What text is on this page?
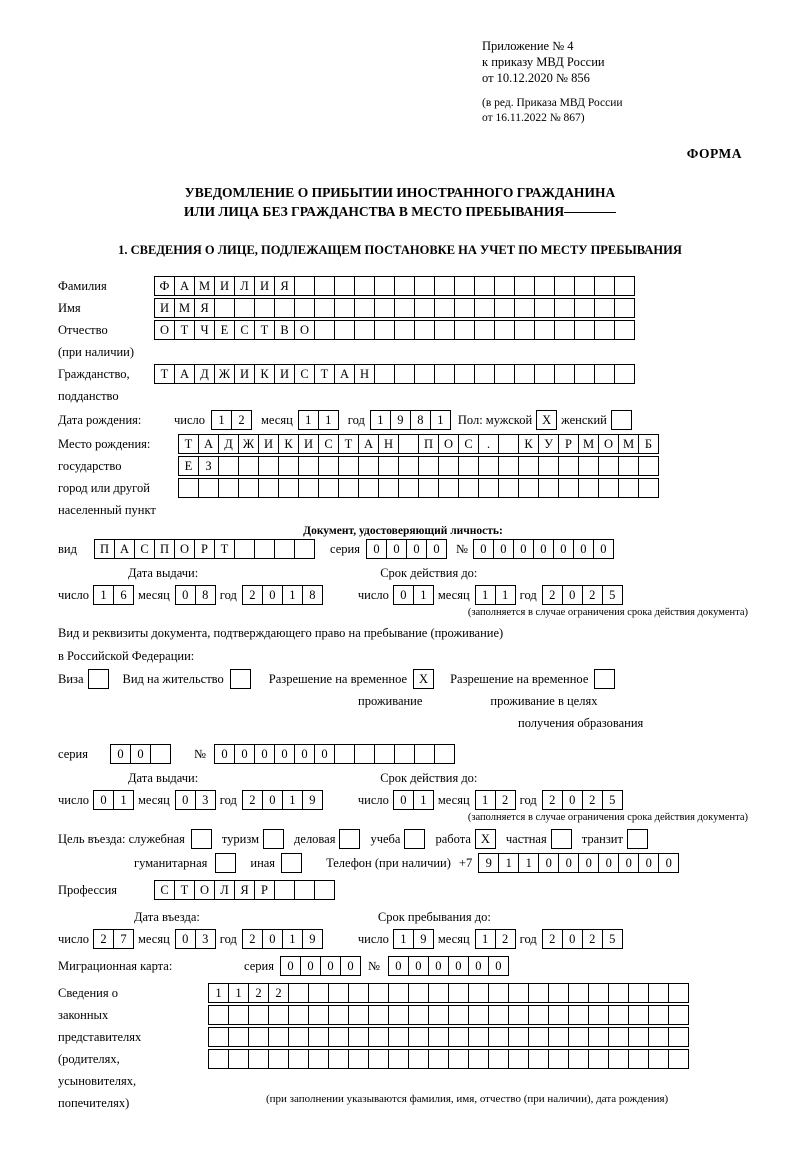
Приложение № 4
к приказу МВД России
от 10.12.2020 № 856
(в ред. Приказа МВД России
от 16.11.2022 № 867)
ФОРМА
УВЕДОМЛЕНИЕ О ПРИБЫТИИ ИНОСТРАННОГО ГРАЖДАНИНА
ИЛИ ЛИЦА БЕЗ ГРАЖДАНСТВА В МЕСТО ПРЕБЫВАНИЯ
1. СВЕДЕНИЯ О ЛИЦЕ, ПОДЛЕЖАЩЕМ ПОСТАНОВКЕ НА УЧЕТ ПО МЕСТУ ПРЕБЫВАНИЯ
Фамилия	Ф А М И Л И Я
Имя	И М Я
Отчество	О Т Ч Е С Т В О
(при наличии)
Гражданство,	Т А Д Ж И К И С Т А Н
подданство
Дата рождения:	число	1	2	месяц 1	1	год 1	9	8	1	Пол: мужской X женский
Место рождения:	Т А Д Ж И К И С Т А Н	П О С	.	К У Р М О М Б
государство	Е	З
город или другой
населенный пункт
Документ, удостоверяющий личность:
вид	П А С П О Р	Т	серия	0	0	0	0	№ 0	0	0	0	0	0	0
Дата выдачи:	Срок действия до:
число 1	6 месяц 0	8 год 2	0	1	8	число 0	1 месяц 1	1 год 2	0	2	5
(заполняется в случае ограничения срока действия документа)
Вид и реквизиты документа, подтверждающего право на пребывание (проживание)
в Российской Федерации:
Виза	Вид на жительство	Разрешение на временное X	Разрешение на временное
проживание	проживание в целях
получения образования
серия	0	0	№	0	0	0	0	0	0
Дата выдачи:	Срок действия до:
число 0	1 месяц 0	3 год 2	0	1	9	число 0	1 месяц 1	2 год 2	0	2	5
(заполняется в случае ограничения срока действия документа)
Цель въезда: служебная	туризм	деловая	учеба	работа X	частная	транзит
гуманитарная	иная	Телефон (при наличии) +7	9	1	1	0	0	0	0	0	0	0
Профессия	С Т О Л Я Р
Дата въезда:	Срок пребывания до:
число 2	7 месяц 0	3 год 2	0	1	9	число 1	9 месяц 1	2 год 2	0	2	5
Миграционная карта:	серия	0	0	0	0	№	0	0	0	0	0	0
Сведения о	1	1	2	2
законных
представителях
(родителях,
усыновителях,
попечителях)	(при заполнении указываются фамилия, имя, отчество (при наличии), дата рождения)
